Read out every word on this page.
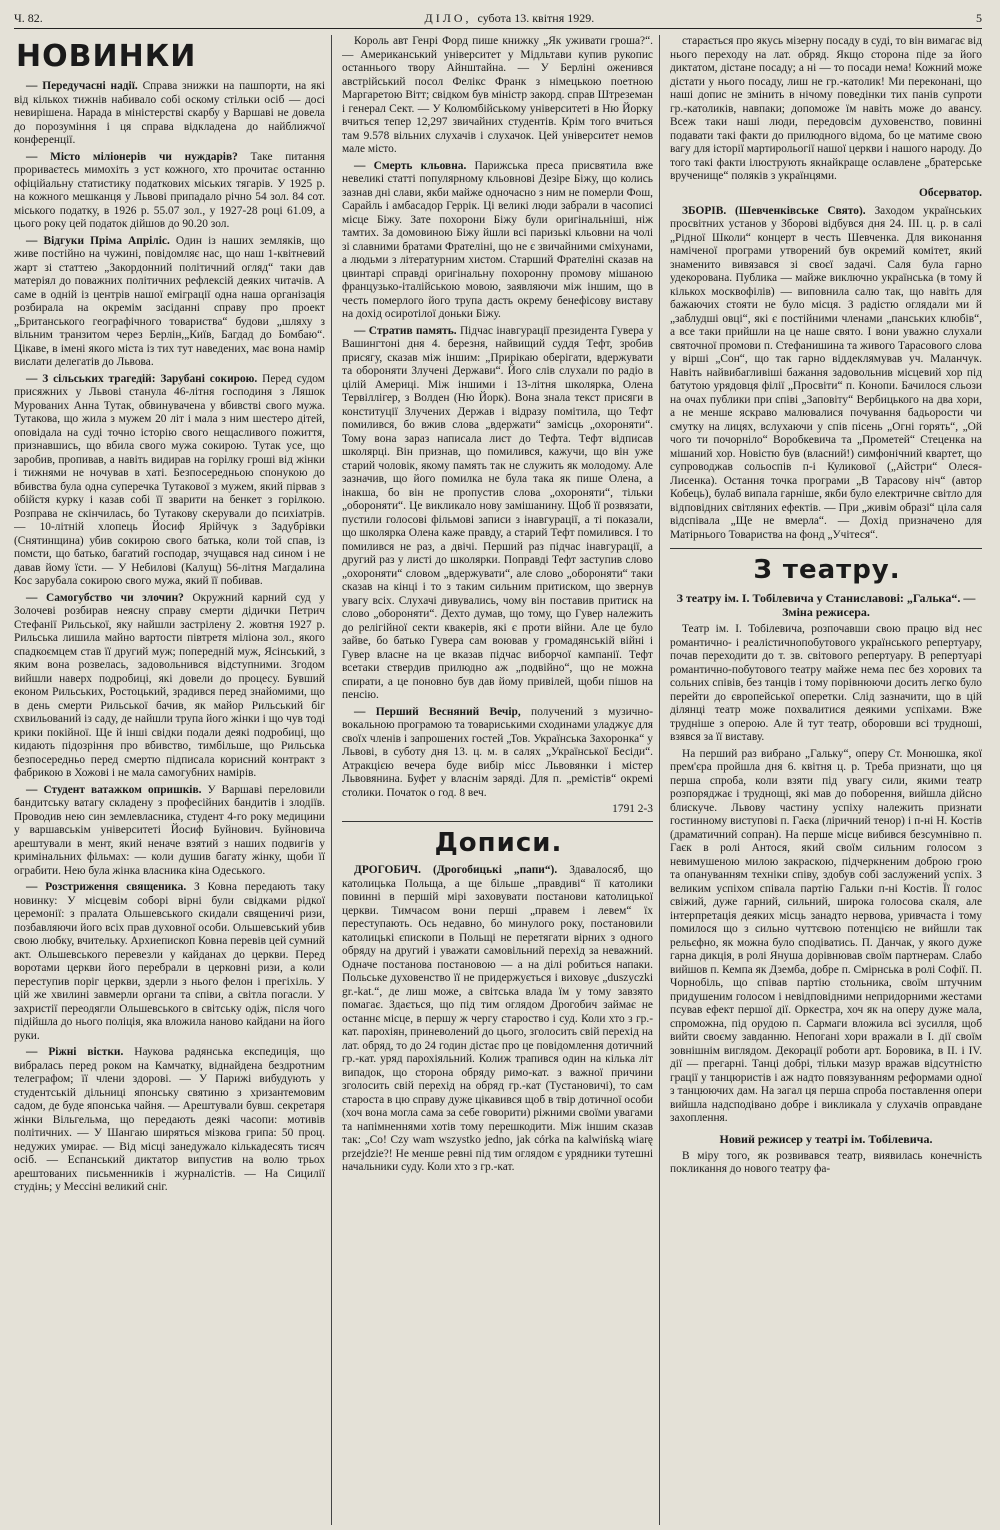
Ч. 82.	ДІЛО, субота 13. квітня 1929.	5
НОВИНКИ

— Передучасні надії. Справа знижки на пашпорти, на які від кількох тижнів набивало собі оскому стільки осіб — досі невирішена. Нарада в міністерстві скарбу у Варшаві не довела до порозуміння і ця справа відкладена до найближчої конференції.

— Місто міліонерів чи нуждарів? Таке питання прориваєтесь мимохіть з уст кожного, хто прочитає останню офіційальну статистику податкових міських тягарів. У 1925 р. на кожного мешканця у Львові припадало річно 54 зол. 84 сот. міського податку, в 1926 р. 55.07 зол., у 1927-28 році 61.09, а цього року цей податок дійшов до 90.20 зол.

— Відгуки Пріма Апріліс. Один із наших земляків, що живе постійно на чужині, повідомляє нас, що наш 1-квітневий жарт зі статтею „Закордонний політичний огляд“ таки дав матеріял до поважних політичних рефлексій деяких читачів. А саме в одній із центрів нашої еміграції одна наша організація розбирала на окремім засіданні справу про проект „Британського географічного товариства“ будови „шляху з вільним транзитом через Берлін,„Київ, Багдад до Бомбаю“. Цікаве, в імені якого міста із тих тут наведених, має вона намір вислати делегатів до Львова.

— З сільських трагедій: Зарубані сокирою. Перед судом присяжних у Львові станула 46-літня господиня з Ляшок Мурованих Анна Тутак, обвинувачена у вбивстві свого мужа. Тутакова, що жила з мужем 20 літ і мала з ним шестеро дітей, оповідала на суді точно історію свого нещасливого пожиття, признавшись, що вбила свого мужа сокирою. Тутак усе, що заробив, пропивав, а навіть видирав на горілку гроші від жінки і тижнями не ночував в хаті. Безпосередньою спонукою до вбивства була одна суперечка Тутакової з мужем, який пірвав з обійстя курку і казав собі її зварити на бенкет з горілкою. Розправа не скінчилась, бо Тутакову скерували до психіатрів. — 10-літній хлопець Йосиф Ярійчук з Задубрівки (Снятинщина) убив сокирою свого батька, коли той спав, із помсти, що батько, багатий господар, зчущався над сином і не давав йому їсти. — У Небилові (Калущ) 56-літня Магдалина Кос зарубала сокирою свого мужа, який її побивав.

— Самогубство чи злочин? Окружний карний суд у Золочеві розбирав неясну справу смерти дідички Петрич Стефанії Рильської, яку найшли застрілену 2. жовтня 1927 р. Рильська лишила майно вартости півтретя міліона зол., якого спадкоємцем став її другий муж; попередній муж, Ясінський, з яким вона розвелась, задовольнився відступними. Згодом вийшли наверх подробиці, які довели до процесу. Бувший економ Рильських, Ростоцький, зрадився перед знайомими, що в день смерти Рильської бачив, як майор Рильський біг схвильований із саду, де найшли трупа його жінки і що чув тоді крики покійної. Ще й інші свідки подали деякі подробиці, що кидають підозріння про вбивство, тимбільше, що Рильська безпосередньо перед смертю підписала корисний контракт з фабрикою в Хожові і не мала самогубних намірів.

— Студент ватажком опришків. У Варшаві переловили бандитську ватагу складену з професійних бандитів і злодіїв. Проводив нею син землевласника, студент 4-го року медицини у варшавськім університеті Йосиф Буйнович. Буйновича арештували в мент, який неначе взятий з наших подвигів у кримінальних фільмах: — коли душив багату жінку, щоби її ограбити. Нею була жінка власника кіна Одеського.

— Розстриження священика. З Ковна передають таку новинку: У місцевім соборі вірні були свідками рідкої церемонії: з пралата Ольшевського скидали священичі ризи, позбавляючи його всіх прав духовної особи. Ольшевський убив свою любку, вчительку. Архиепископ Ковна перевів цей сумний акт. Ольшевського перевезли у кайданах до церкви. Перед воротами церкви його перебрали в церковні ризи, а коли переступив поріг церкви, здерли з нього фелон і прегіхіль. У цій же хвилині завмерли органи та співи, а світла погасли. У захристії переодягли Ольшевського в світську одіж, після чого підійшла до нього поліція, яка вложила наново кайдани на його руки.

— Ріжні вістки. Наукова радянська експедиція, що вибралась перед роком на Камчатку, віднайдена бездротним телеграфом; її члени здорові. — У Парижі вибудують у студентській дільниці японську святиню з хризантемовим садом, де буде японська чайня. — Арештували бувш. секретаря жінки Вільгельма, що передають деякі часопи: мотивів політичних. — У Шангаю ширяться мізкова грипа: 50 проц. недужих умирає. — Від місці занедужало кількадесять тисяч осіб. — Еспанський диктатор випустив на волю трьох арештованих письменників і журналістів. — На Сицилії студінь; у Мессіні великий сніг.

Король авт Генрі Форд пише книжку „Як уживати гроша?“. — Американський університет у Мідльтави купив рукопис останнього твору Айнштайна. — У Берліні оженився австрійський посол Фелікс Франк з німецькою поетною Маргаретою Вітт; свідком був міністр закорд. справ Штреземан і генерал Сект. — У Колюмбійському університеті в Ню Йорку вчиться тепер 12,297 звичайних студентів. Крім того вчиться там 9.578 вільних слухачів і слухачок. Цей університет немов мале місто.

— Смерть кльовна. Парижська преса присвятила вже невеликі статті популярному кльовнові Дезіре Біжу, що колись зазнав дні слави, якби майже одночасно з ним не померли Фош, Сарайль і амбасадор Геррік. Ці великі люди забрали в часописі місце Біжу. Зате похорони Біжу були оригінальніші, ніж тамтих. За домовиною Біжу йшли всі паризькі кльовни на чолі зі славними братами Фрателіні, що не є звичайними сміхунами, а людьми з літературним хистом. Старший Фрателіні сказав на цвинтарі справді оригінальну похоронну промову мішаною французько-італійською мовою, заявляючи між іншим, що в честь померлого його трупа дасть окрему бенефісову виставу на дохід осиротілої доньки Біжу.

— Стратив память. Підчас інавгурації президента Гувера у Вашингтоні дня 4. березня, найвищий суддя Тефт, зробив присягу, сказав між іншим: „Прирікаю оберігати, вдержувати та обороняти Злучені Держави“. Його слів слухали по радіо в цілій Америці. Між іншими і 13-літня школярка, Олена Тервіллігер, з Волден (Ню Йорк). Вона знала текст присяги в конституції Злучених Держав і відразу помітила, що Тефт помилився, бо вжив слова „вдержати“ замісць „охороняти“. Тому вона зараз написала лист до Тефта. Тефт відписав школярці. Він признав, що помилився, кажучи, що він уже старий чоловік, якому память так не служить як молодому. Але зазначив, що його помилка не була така як пише Олена, а інакша, бо він не пропустив слова „охороняти“, тільки „обороняти“. Це викликало нову замішанину. Щоб її розвязати, пустили голосові фільмові записи з інавгурації, а ті показали, що школярка Олена каже правду, а старий Тефт помилився. І то помилився не раз, а двічі. Перший раз підчас інавгурації, а другий раз у листі до школярки. Поправді Тефт заступив слово „охороняти“ словом „вдержувати“, але слово „обороняти“ таки сказав на кінці і то з таким сильним притиском, що звернув увагу всіх. Слухачі дивувались, чому він поставив притиск на слово „обороняти“. Дехто думав, що тому, що Гувер належить до релігійної секти квакерів, які є проти війни. Але це було зайве, бо батько Гувера сам воював у громадянській війні і Гувер власне на це вказав підчас виборчої кампанії. Тефт всетаки ствердив прилюдно аж „подвійно“, що не можна спирати, а це поновно був дав йому привілей, щоби пішов на пенсію.

— Перший Весняний Вечір, получений з музично-вокальною програмою та товариськими сходинами уладжує для своїх членів і запрошених гостей „Тов. Українська Захоронка“ у Львові, в суботу дня 13. ц. м. в салях „Української Бесіди“. Атракцією вечера буде вибір місс Львовянки і містер Львовянина. Буфет у власнім заряді. Для п. „ремістів“ окремі столики. Початок о год. 8 веч.

1791 2-3
Дописи.

ДРОГОБИЧ. (Дрогобицькі „папи“). Здавалосяб, що католицька Польща, а ще більше „правдиві“ її католики повинні в першій мірі заховувати постанови католицької церкви. Тимчасом вони перші „правем і левем“ їх переступають. Ось недавно, бо минулого року, постановили католицькі єпископи в Польщі не перетягати вірних з одного обряду на другий і уважати самовільний перехід за неважний. Одначе постанова постановою — а на ділі робиться напаки. Польське духовенство її не придержується і виховує „duszyczki gr.-kat.“, де лиш може, а світська влада їм у тому завзято помагає. Здається, що під тим оглядом Дрогобич займає не останнє місце, в першу ж чергу староство і суд. Коли хто з гр.-кат. парохіян, приневолений до цього, зголосить свій перехід на лат. обряд, то до 24 годин дістає про це повідомлення дотичний гр.-кат. уряд парохіяльний. Колиж трапився один на кілька літ випадок, що сторона обряду римо-кат. з важної причини зголосить свій перехід на обряд гр.-кат (Тустановичі), то сам староста в цю справу дуже цікавився щоб в твір дотичної особи (хоч вона могла сама за себе говорити) ріжними своїми увагами та напімненнями хотів тому перешкодити. Між іншим сказав так: „Co! Czy wam wszystko jedno, jak córka na kalwińską wiarę przejdzie?! Не менше ревні під тим оглядом є урядники тутешні начальники суду. Коли хто з гр.-кат.

старається про якусь мізерну посаду в суді, то він вимагає від нього переходу на лат. обряд. Якщо сторона піде за його диктатом, дістане посаду; а ні — то посади нема! Кожний може дістати у нього посаду, лиш не гр.-католик! Ми переконані, що наші допис не змінить в нічому поведінки тих панів супроти гр.-католиків, навпаки; допоможе їм навіть може до авансу. Всеж таки наші люди, передовсім духовенство, повинні подавати такі факти до прилюдного відома, бо це матиме свою вагу для історії мартирольогії нашої церкви і нашого народу. До того такі факти ілюструють якнайкраще ославлене „братерське врученище“ поляків з українцями.

Обсерватор.

ЗБОРІВ. (Шевченківське Свято). Заходом українських просвітних установ у Зборові відбувся дня 24. III. ц. р. в салі „Рідної Школи“ концерт в честь Шевченка. Для виконання наміченої програми утворений був окремий комітет, який знаменито вивязався зі своєї задачі. Саля була гарно удекорована. Публика — майже виключно українська (в тому й кількох москвофілів) — виповнила салю так, що навіть для бажаючих стояти не було місця. З радістю оглядали ми й „заблудші овці“, які є постійними членами „панських клюбів“, а все таки прийшли на це наше свято. І вони уважно слухали святочної промови п. Стефанишина та живого Тарасового слова у вірші „Сон“, що так гарно віддеклямував уч. Маланчук. Навіть найвибагливіші бажання задовольнив місцевий хор під батутою урядовця філії „Просвіти“ п. Конопи. Бачилося сльози на очах публики при співі „Заповіту“ Вербицького на два хори, а не менше яскраво малювалися почування бадьорости чи смутку на лицях, вслухаючи у спів пісень „Огні горять“, „Ой чого ти почорніло“ Воробкевича та „Прометей“ Стеценка на мішаний хор. Новістю був (власний!) симфонічний квартет, що супроводжав сольоспів п-і Куликової („Айстри“ Олеся-Лисенка). Остання точка програми „В Тарасову ніч“ (автор Кобець), булаб випала гарніше, якби було електричне світло для відповідних світляних ефектів. — При „живім образі“ ціла саля відспівала „Ще не вмерла“. — Дохід призначено для Матірнього Товариства на фонд „Учітеся“.

З театру.
З театру ім. І. Тобілевича у Станиславові: „Галька“. — Зміна режисера.

Театр ім. І. Тобілевича, розпочавши свою працю від нес романтично- і реалістичнопобутового українського репертуару, почав переходити до т. зв. світового репертуару. В репертуарі романтично-побутового театру майже нема пес без хорових та сольних співів, без танців і тому порівнюючи досить легко було перейти до європейської оперетки. Слід зазначити, що в цій ділянці театр може похвалитися деякими успіхами. Вже трудніше з оперою. Але й тут театр, оборовши всі трудноші, взявся за її виставу.

На перший раз вибрано „Гальку“, оперу Ст. Монюшка, якої прем'єра пройшла дня 6. квітня ц. р. Треба признати, що ця перша спроба, коли взяти під увагу сили, якими театр розпоряджає і труднощі, які мав до поборення, вийшла дійсно блискуче. Львову частину успіху належить признати гостинному виступові п. Гаєка (ліричний тенор) і п-ні Н. Костів (драматичний сопран). На перше місце вибився безсумнівно п. Гаєк в ролі Антося, який своїм сильним голосом з невимушеною милою закраскою, підчеркненим доброю грою та опануванням техніки співу, здобув собі заслужений успіх. З великим успіхом співала партію Гальки п-ні Костів. Її голос свіжий, дуже гарний, сильний, широка голосова скаля, але інтерпретація деяких місць занадто нервова, уривчаста і тому помилося що з сильно чуттєвою потенцією не вийшли так рельєфно, як можна було сподіватись. П. Данчак, у якого дуже гарна дикція, в ролі Януша дорівнював своїм партнерам. Слабо вийшов п. Кемпа як Дземба, добре п. Смірнська в ролі Софії. П. Чорнобіль, що співав партію стольника, своїм штучним придушеним голосом і невідповідними непридорними жестами псував ефект першої дії. Оркестра, хоч як на оперу дуже мала, спроможна, під орудою п. Сармаги вложила всі зусилля, щоб вийти своєму завданню. Непогані хори вражали в I. дії своїм зовнішнім виглядом. Декорації роботи арт. Боровика, в II. і IV. дії — прегарні. Танці добрі, тільки мазур вражав відсутністю грації у танцюристів і аж надто повязуванням реформами одної з танцюючих дам. На загал ця перша спроба поставлення опери вийшла надсподівано добре і викликала у слухачів оправдане захоплення.

Новий режисер у театрі ім. Тобілевича.

В міру того, як розвивався театр, виявилась конечність покликання до нового театру фа-
